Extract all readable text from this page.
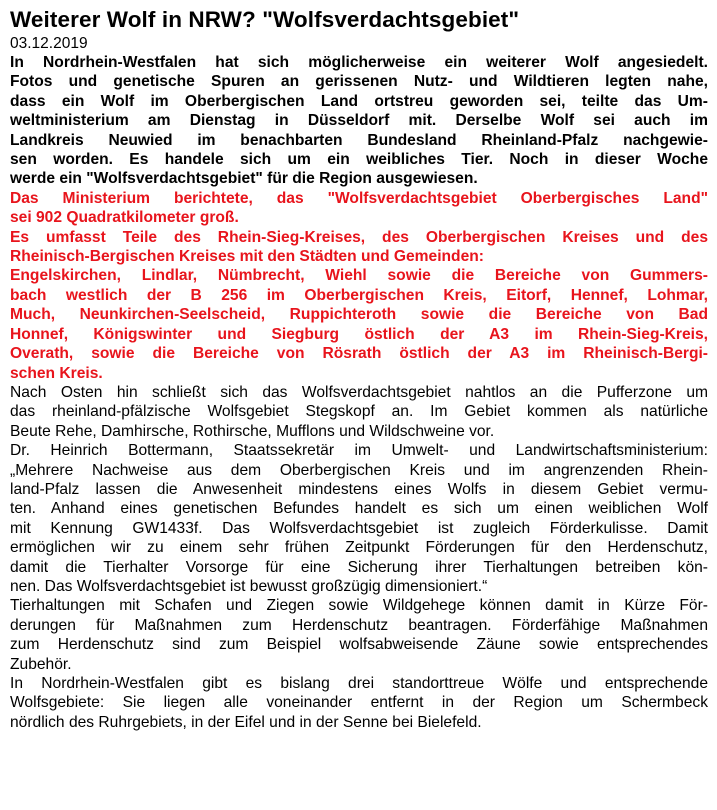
Weiterer Wolf in NRW? "Wolfsverdachtsgebiet"
03.12.2019

In Nordrhein-Westfalen hat sich möglicherweise ein weiterer Wolf angesiedelt.
Fotos und genetische Spuren an gerissenen Nutz- und Wildtieren legten nahe,
dass ein Wolf im Oberbergischen Land ortstreu geworden sei, teilte das Um-
weltministerium am Dienstag in Düsseldorf mit. Derselbe Wolf sei auch im
Landkreis Neuwied im benachbarten Bundesland Rheinland-Pfalz nachgewie-
sen worden. Es handele sich um ein weibliches Tier. Noch in dieser Woche
werde ein "Wolfsverdachtsgebiet" für die Region ausgewiesen.

Das Ministerium berichtete, das "Wolfsverdachtsgebiet Oberbergisches Land"
sei 902 Quadratkilometer groß.

Es umfasst Teile des Rhein-Sieg-Kreises, des Oberbergischen Kreises und des
Rheinisch-Bergischen Kreises mit den Städten und Gemeinden:
Engelskirchen, Lindlar, Nümbrecht, Wiehl sowie die Bereiche von Gummers-
bach westlich der B 256 im Oberbergischen Kreis, Eitorf, Hennef, Lohmar,
Much, Neunkirchen-Seelscheid, Ruppichteroth sowie die Bereiche von Bad
Honnef, Königswinter und Siegburg östlich der A3 im Rhein-Sieg-Kreis,
Overath, sowie die Bereiche von Rösrath östlich der A3 im Rheinisch-Bergi-
schen Kreis.

Nach Osten hin schließt sich das Wolfsverdachtsgebiet nahtlos an die Pufferzone um
das rheinland-pfälzische Wolfsgebiet Stegskopf an. Im Gebiet kommen als natürliche
Beute Rehe, Damhirsche, Rothirsche, Mufflons und Wildschweine vor.

Dr. Heinrich Bottermann, Staatssekretär im Umwelt- und Landwirtschaftsministerium:
„Mehrere Nachweise aus dem Oberbergischen Kreis und im angrenzenden Rhein-
land-Pfalz lassen die Anwesenheit mindestens eines Wolfs in diesem Gebiet vermu-
ten. Anhand eines genetischen Befundes handelt es sich um einen weiblichen Wolf
mit Kennung GW1433f. Das Wolfsverdachtsgebiet ist zugleich Förderkulisse. Damit
ermöglichen wir zu einem sehr frühen Zeitpunkt Förderungen für den Herdenschutz,
damit die Tierhalter Vorsorge für eine Sicherung ihrer Tierhaltungen betreiben kön-
nen. Das Wolfsverdachtsgebiet ist bewusst großzügig dimensioniert.“

Tierhaltungen mit Schafen und Ziegen sowie Wildgehege können damit in Kürze För-
derungen für Maßnahmen zum Herdenschutz beantragen. Förderfähige Maßnahmen
zum Herdenschutz sind zum Beispiel wolfsabweisende Zäune sowie entsprechendes
Zubehör.

In Nordrhein-Westfalen gibt es bislang drei standorttreue Wölfe und entsprechende
Wolfsgebiete: Sie liegen alle voneinander entfernt in der Region um Schermbeck
nördlich des Ruhrgebiets, in der Eifel und in der Senne bei Bielefeld.
